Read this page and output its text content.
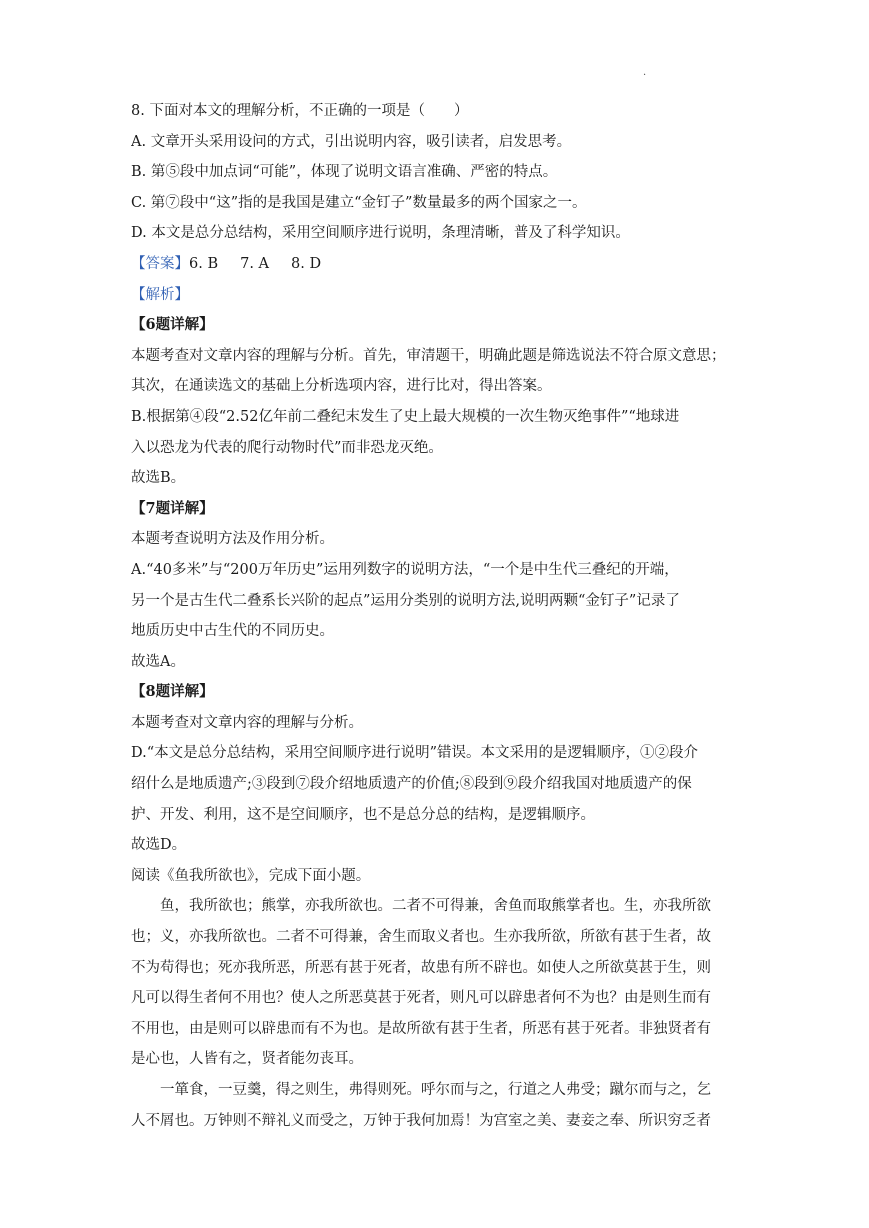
·
8. 下面对本文的理解分析，不正确的一项是（　　）
A. 文章开头采用设问的方式，引出说明内容，吸引读者，启发思考。
B. 第⑤段中加点词“可能”，体现了说明文语言准确、严密的特点。
C. 第⑦段中“这”指的是我国是建立“金钉子”数量最多的两个国家之一。
D. 本文是总分总结构，采用空间顺序进行说明，条理清晰，普及了科学知识。
【答案】6. B 7. A 8. D
【解析】
【6题详解】
本题考查对文章内容的理解与分析。首先，审清题干，明确此题是筛选说法不符合原文意思；
其次，在通读选文的基础上分析选项内容，进行比对，得出答案。
B.根据第④段“2.52亿年前二叠纪末发生了史上最大规模的一次生物灭绝事件”“地球进
入以恐龙为代表的爬行动物时代”而非恐龙灭绝。
故选B。
【7题详解】
本题考查说明方法及作用分析。
A.“40多米”与“200万年历史”运用列数字的说明方法，“一个是中生代三叠纪的开端，
另一个是古生代二叠系长兴阶的起点”运用分类别的说明方法,说明两颗“金钉子”记录了
地质历史中古生代的不同历史。
故选A。
【8题详解】
本题考查对文章内容的理解与分析。
D.“本文是总分总结构，采用空间顺序进行说明”错误。本文采用的是逻辑顺序，①②段介
绍什么是地质遗产;③段到⑦段介绍地质遗产的价值;⑧段到⑨段介绍我国对地质遗产的保
护、开发、利用，这不是空间顺序，也不是总分总的结构，是逻辑顺序。
故选D。
阅读《鱼我所欲也》，完成下面小题。
鱼，我所欲也；熊掌，亦我所欲也。二者不可得兼，舍鱼而取熊掌者也。生，亦我所欲
也；义，亦我所欲也。二者不可得兼，舍生而取义者也。生亦我所欲，所欲有甚于生者，故
不为苟得也；死亦我所恶，所恶有甚于死者，故患有所不辟也。如使人之所欲莫甚于生，则
凡可以得生者何不用也？使人之所恶莫甚于死者，则凡可以辟患者何不为也？由是则生而有
不用也，由是则可以辟患而有不为也。是故所欲有甚于生者，所恶有甚于死者。非独贤者有
是心也，人皆有之，贤者能勿丧耳。
一箪食，一豆羹，得之则生，弗得则死。呼尔而与之，行道之人弗受；蹴尔而与之，乞
人不屑也。万钟则不辩礼义而受之，万钟于我何加焉！为宫室之美、妻妾之奉、所识穷乏者
